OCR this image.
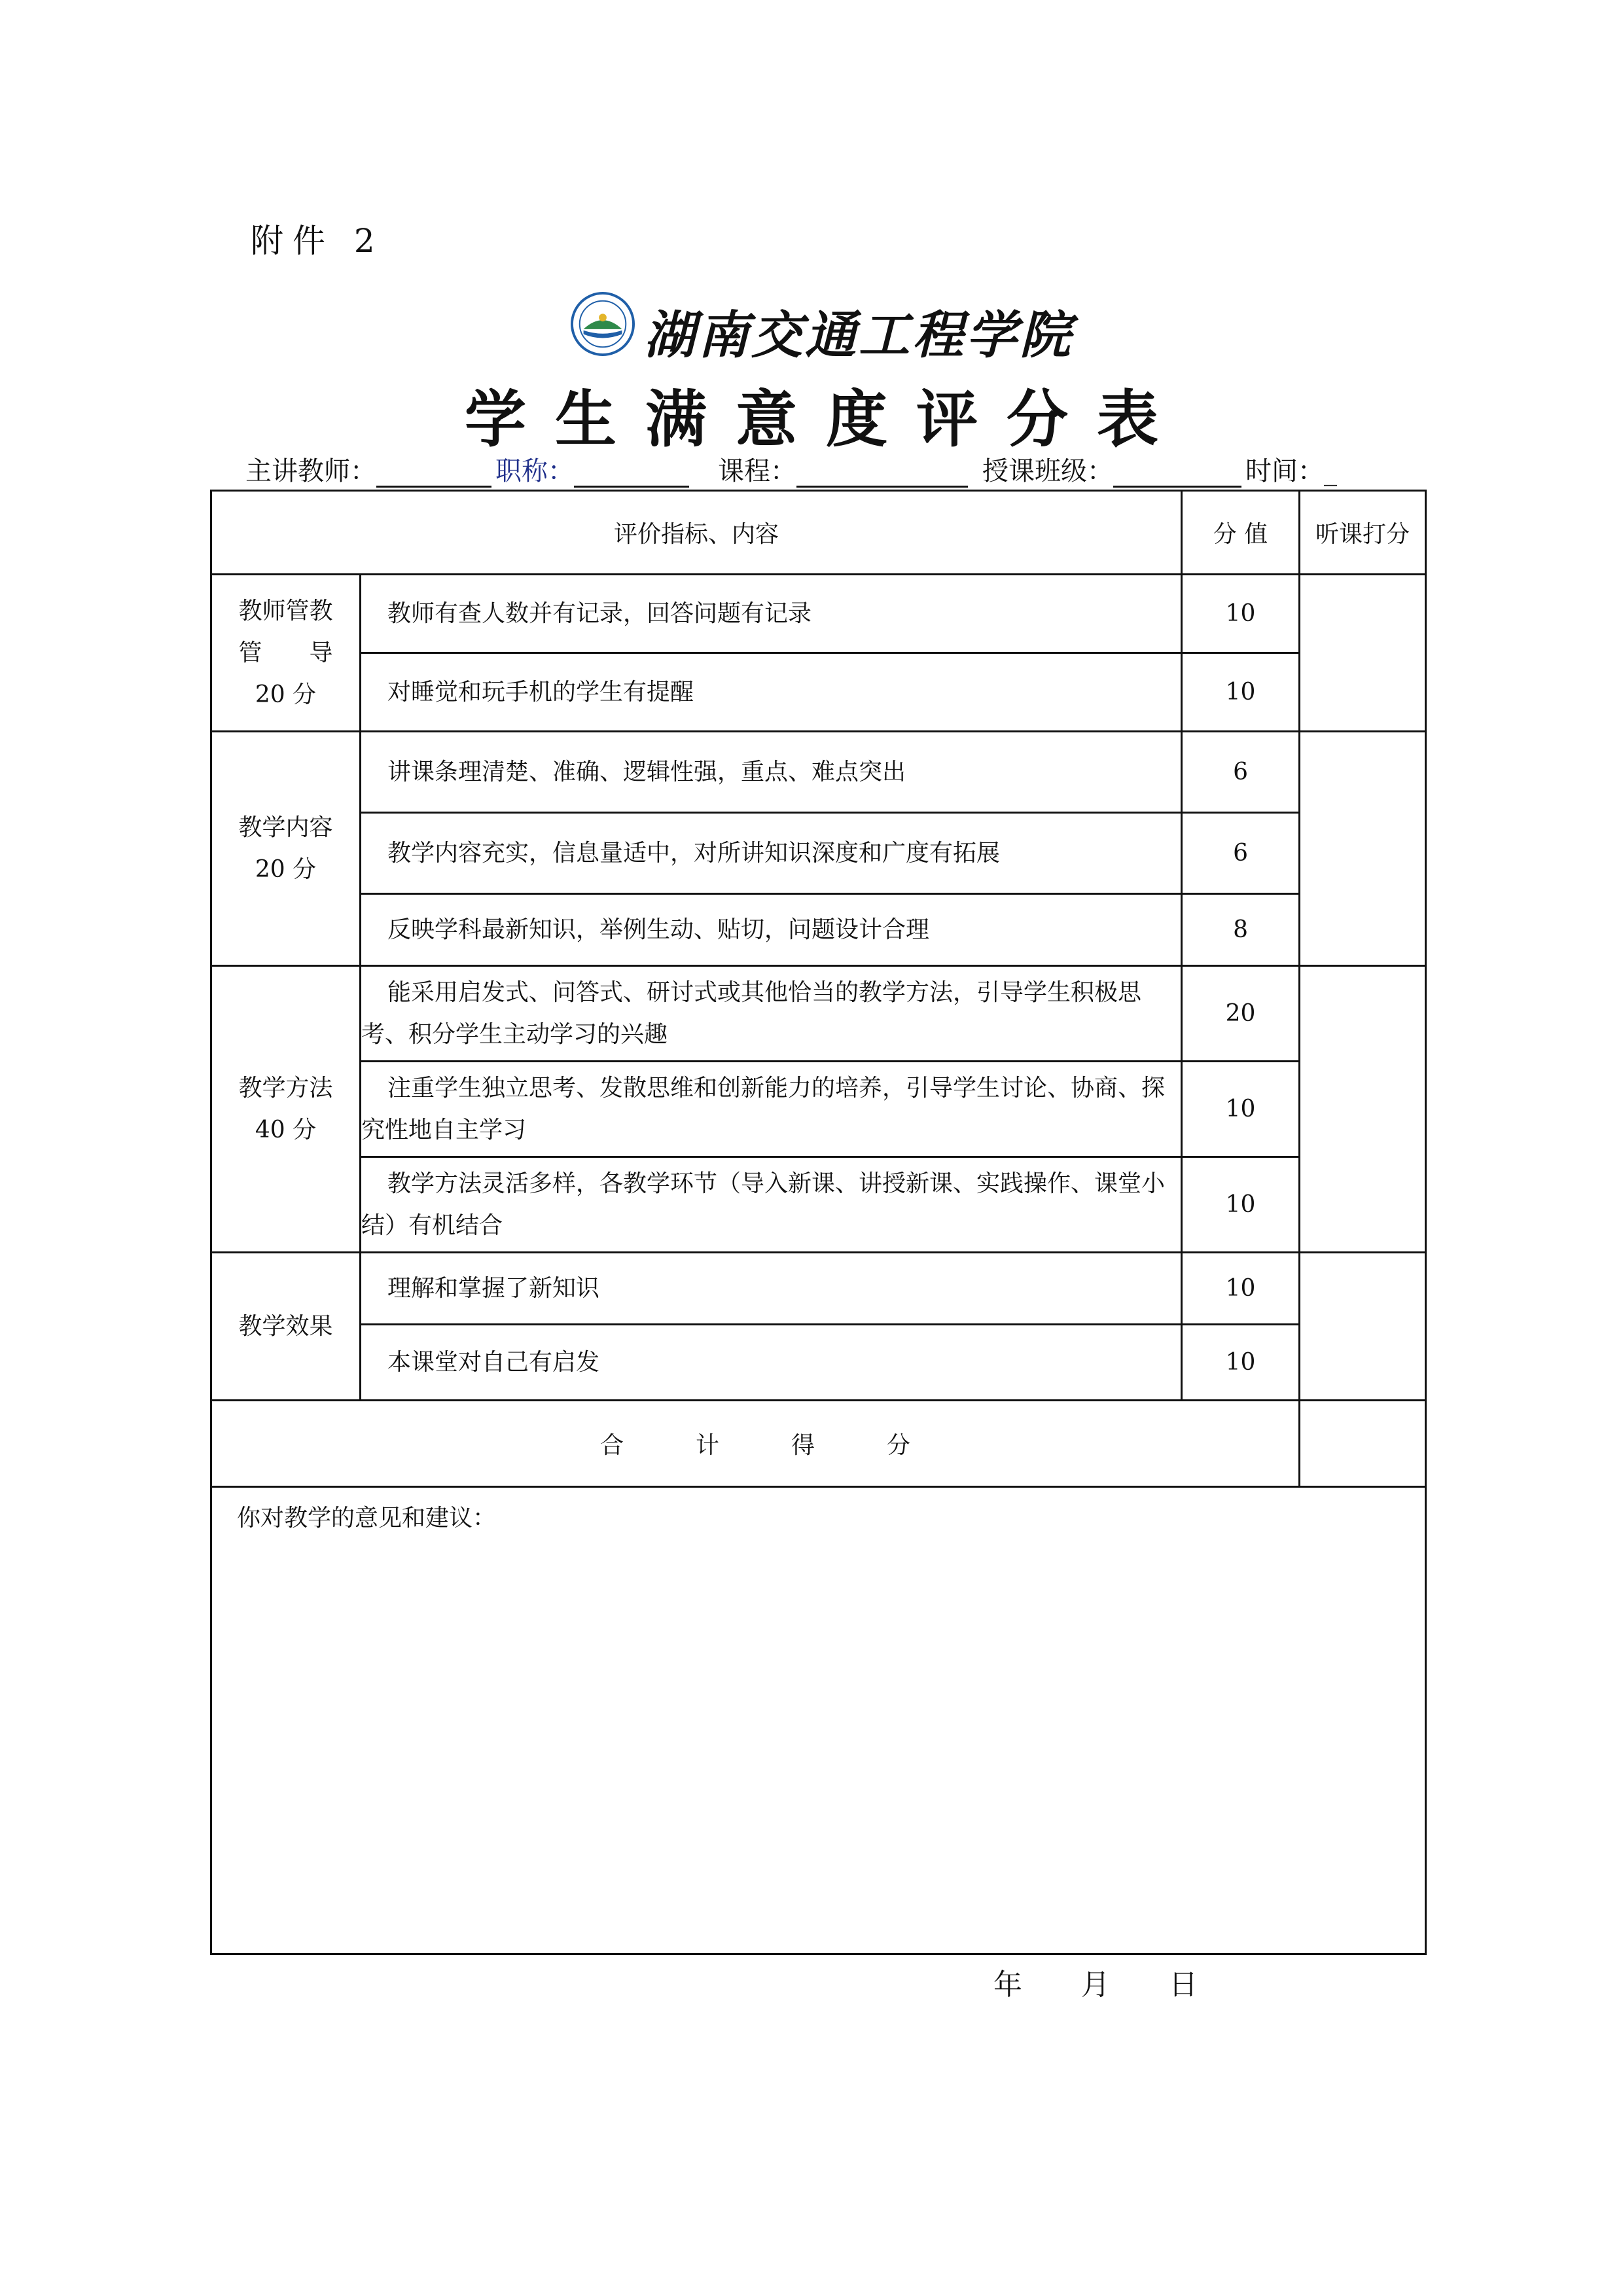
附件 2
湖南交通工程学院
学生满意度评分表
主讲教师：	职称：	课程：	授课班级：	时间：_
评价指标、内容		分 值	听课打分
教师管教
管　　导
20 分	教师有查人数并有记录，回答问题有记录	10	

	对睡觉和玩手机的学生有提醒	10	
教学内容
20 分	讲课条理清楚、准确、逻辑性强，重点、难点突出	6	

	教学内容充实，信息量适中，对所讲知识深度和广度有拓展	6	

	反映学科最新知识，举例生动、贴切，问题设计合理	8	
教学方法
40 分	能采用启发式、问答式、研讨式或其他恰当的教学方法，引导学生积极思考、积分学生主动学习的兴趣	20	

	注重学生独立思考、发散思维和创新能力的培养，引导学生讨论、协商、探究性地自主学习	10	

	教学方法灵活多样，各教学环节（导入新课、讲授新课、实践操作、课堂小结）有机结合	10	
教学效果	理解和掌握了新知识	10	

	本课堂对自己有启发	10	
合计得分			
你对教学的意见和建议：			
年 月 日
